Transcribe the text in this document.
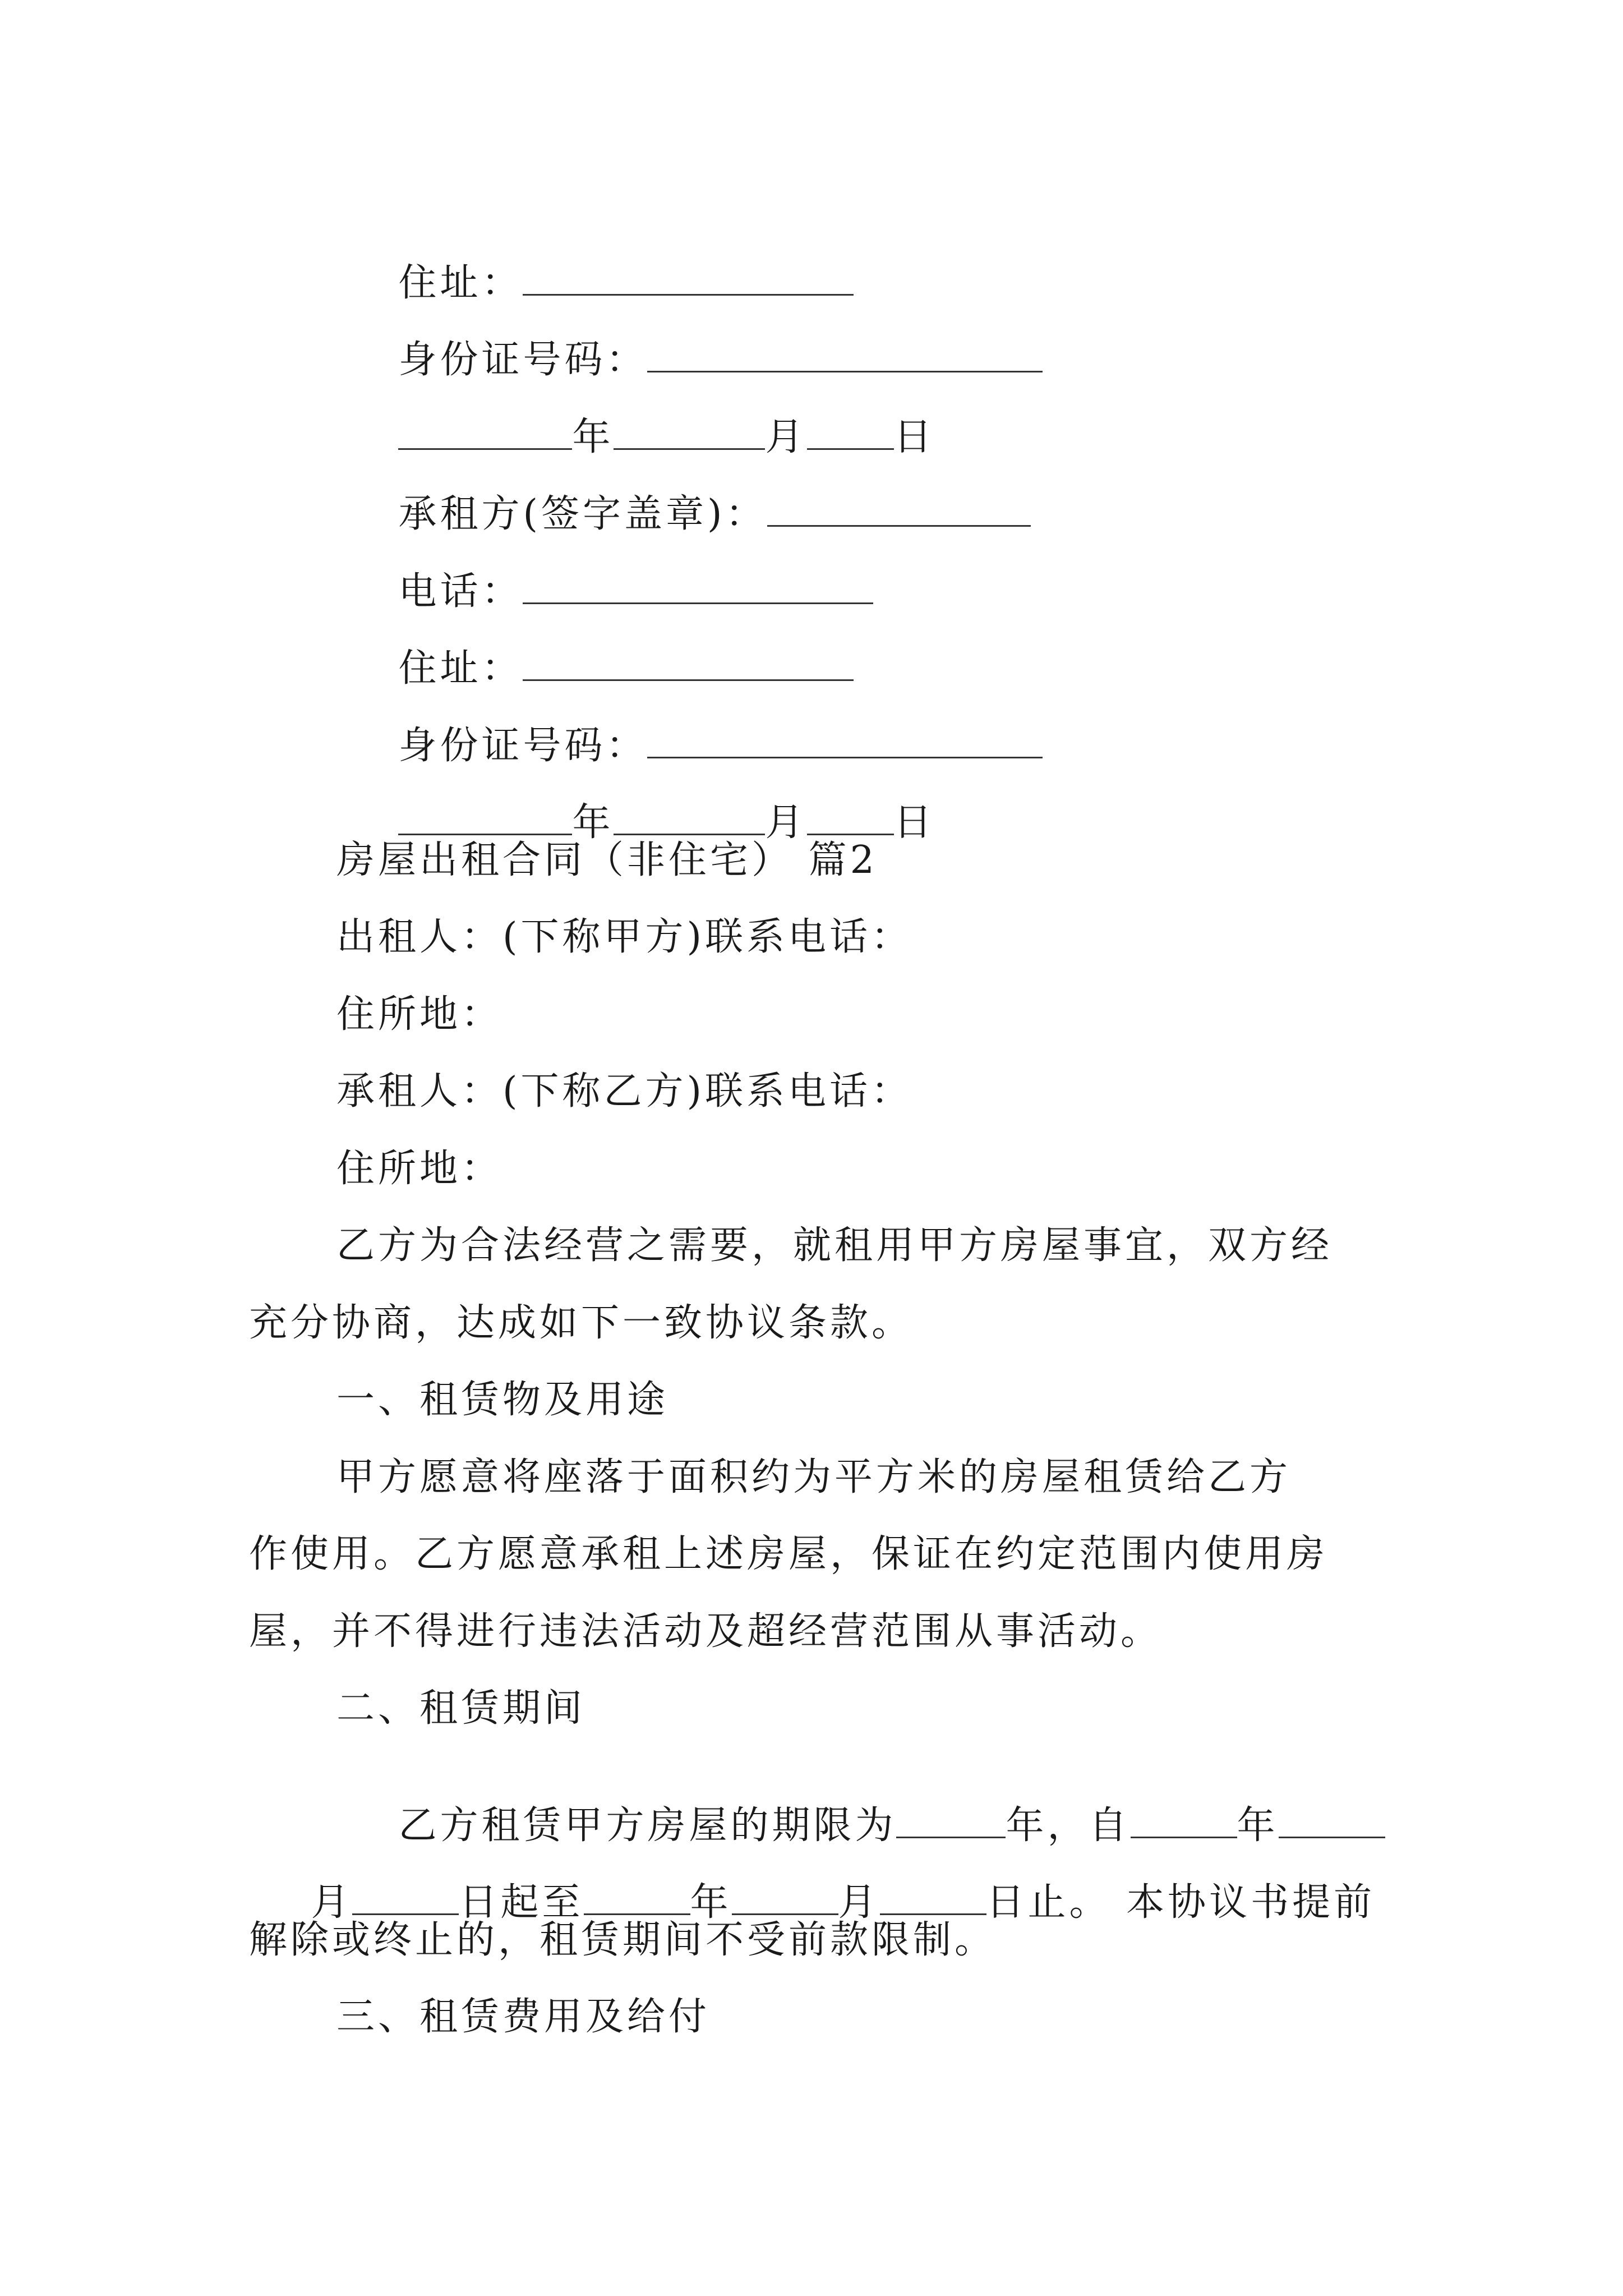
住址：

身份证号码：

年	月 日

承租方(签字盖章)：

电话：

住址：

身份证号码：

年	月 日

房屋出租合同（非住宅） 篇2
出租人：(下称甲方)联系电话：
住所地：
承租人：(下称乙方)联系电话：
住所地：
乙方为合法经营之需要，就租用甲方房屋事宜，双方经
充分协商，达成如下一致协议条款。
一、租赁物及用途
甲方愿意将座落于面积约为平方米的房屋租赁给乙方
作使用。乙方愿意承租上述房屋，保证在约定范围内使用房
屋，并不得进行违法活动及超经营范围从事活动。
二、租赁期间

乙方租赁甲方房屋的期限为	年，自	年

月	日起至	年	月	日止。 本协议书提前

解除或终止的，租赁期间不受前款限制。
三、租赁费用及给付
